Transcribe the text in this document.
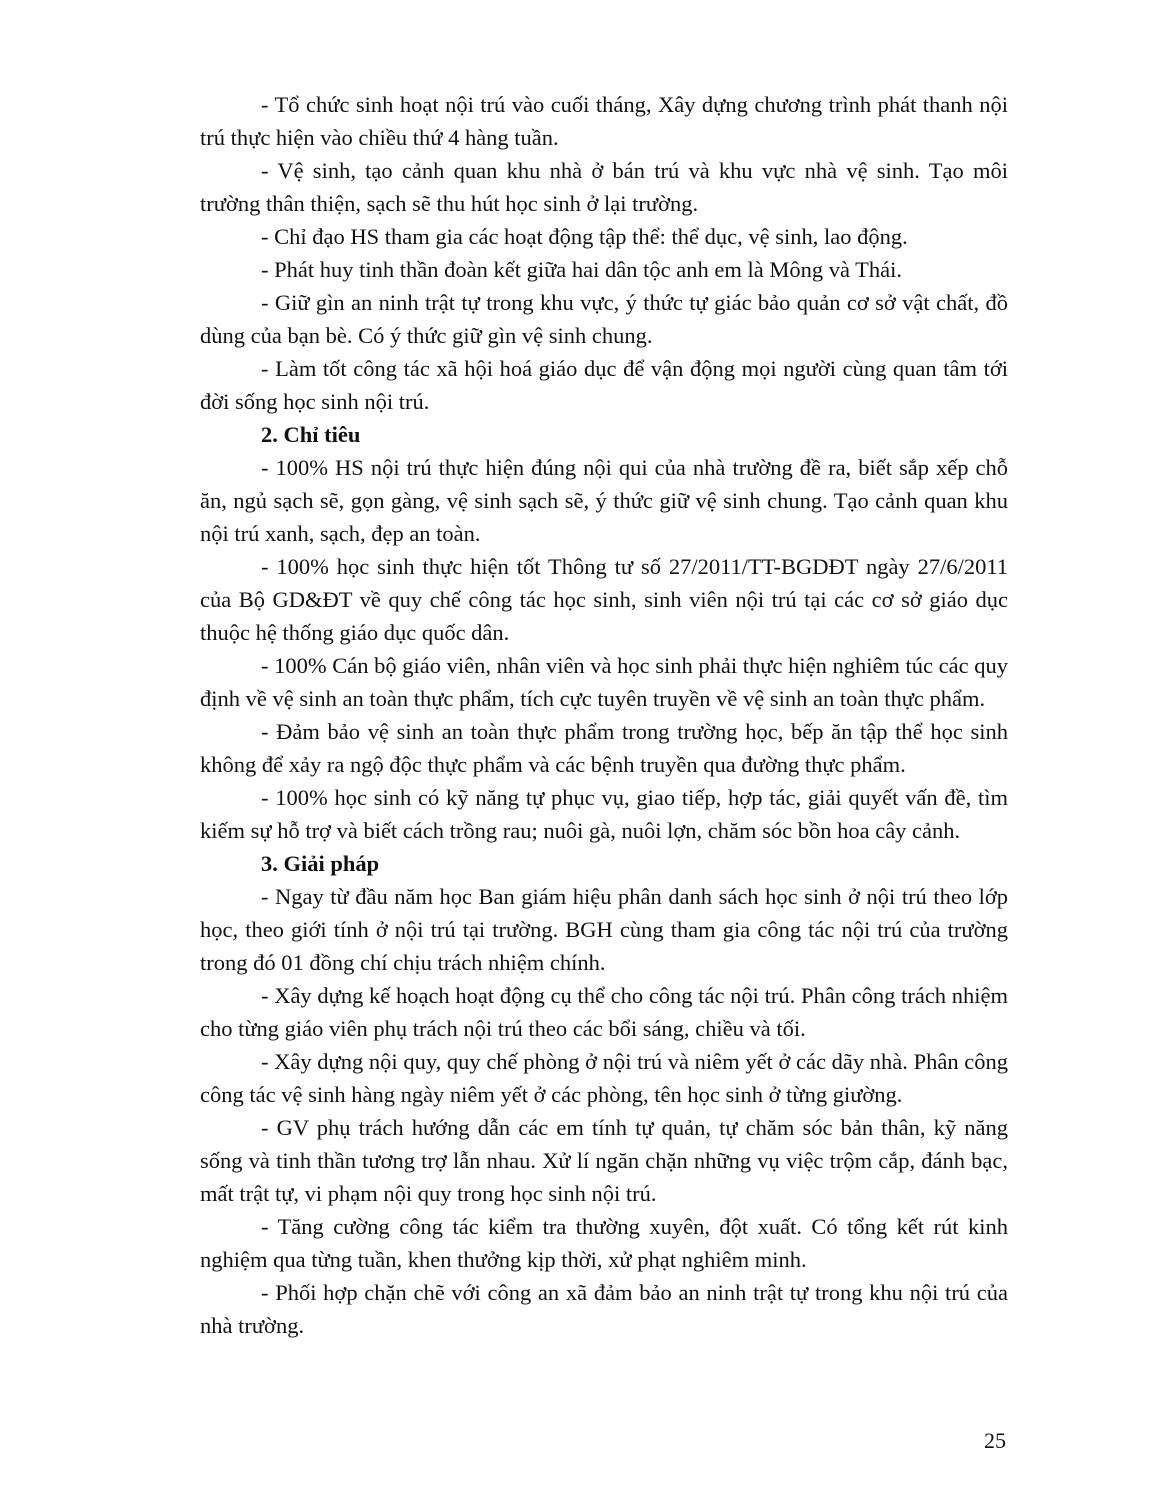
- Tổ chức sinh hoạt nội trú vào cuối tháng, Xây dựng chương trình phát thanh nội trú thực hiện vào chiều thứ 4 hàng tuần.

- Vệ sinh, tạo cảnh quan khu nhà ở bán trú và khu vực nhà vệ sinh. Tạo môi trường thân thiện, sạch sẽ thu hút học sinh ở lại trường.

- Chỉ đạo HS tham gia các hoạt động tập thể: thể dục, vệ sinh, lao động.

- Phát huy tinh thần đoàn kết giữa hai dân tộc anh em là Mông và Thái.

- Giữ gìn an ninh trật tự trong khu vực, ý thức tự giác bảo quản cơ sở vật chất, đồ dùng của bạn bè. Có ý thức giữ gìn vệ sinh chung.

- Làm tốt công tác xã hội hoá giáo dục để vận động mọi người cùng quan tâm tới đời sống học sinh nội trú.

2. Chỉ tiêu

- 100% HS nội trú thực hiện đúng nội qui của nhà trường đề ra, biết sắp xếp chỗ ăn, ngủ sạch sẽ, gọn gàng, vệ sinh sạch sẽ, ý thức giữ vệ sinh chung. Tạo cảnh quan khu nội trú xanh, sạch, đẹp an toàn.

- 100% học sinh thực hiện tốt Thông tư số 27/2011/TT-BGDĐT ngày 27/6/2011 của Bộ GD&ĐT về quy chế công tác học sinh, sinh viên nội trú tại các cơ sở giáo dục thuộc hệ thống giáo dục quốc dân.

- 100% Cán bộ giáo viên, nhân viên và học sinh phải thực hiện nghiêm túc các quy định về vệ sinh an toàn thực phẩm, tích cực tuyên truyền về vệ sinh an toàn thực phẩm.

- Đảm bảo vệ sinh an toàn thực phẩm trong trường học, bếp ăn tập thể học sinh không để xảy ra ngộ độc thực phẩm và các bệnh truyền qua đường thực phẩm.

- 100% học sinh có kỹ năng tự phục vụ, giao tiếp, hợp tác, giải quyết vấn đề, tìm kiếm sự hỗ trợ và biết cách trồng rau; nuôi gà, nuôi lợn, chăm sóc bồn hoa cây cảnh.

3. Giải pháp

- Ngay từ đầu năm học Ban giám hiệu phân danh sách học sinh ở nội trú theo lớp học, theo giới tính ở nội trú tại trường. BGH cùng tham gia công tác nội trú của trường trong đó 01 đồng chí chịu trách nhiệm chính.

- Xây dựng kế hoạch hoạt động cụ thể cho công tác nội trú. Phân công trách nhiệm cho từng giáo viên phụ trách nội trú theo các bổi sáng, chiều và tối.

- Xây dựng nội quy, quy chế phòng ở nội trú và niêm yết ở các dãy nhà. Phân công công tác vệ sinh hàng ngày niêm yết ở các phòng, tên học sinh ở từng giường.

- GV phụ trách hướng dẫn các em tính tự quản, tự chăm sóc bản thân, kỹ năng sống và tinh thần tương trợ lẫn nhau. Xử lí ngăn chặn những vụ việc trộm cắp, đánh bạc, mất trật tự, vi phạm nội quy trong học sinh nội trú.

- Tăng cường công tác kiểm tra thường xuyên, đột xuất. Có tổng kết rút kinh nghiệm qua từng tuần, khen thưởng kịp thời, xử phạt nghiêm minh.

- Phối hợp chặn chẽ với công an xã đảm bảo an ninh trật tự trong khu nội trú của nhà trường.

25
